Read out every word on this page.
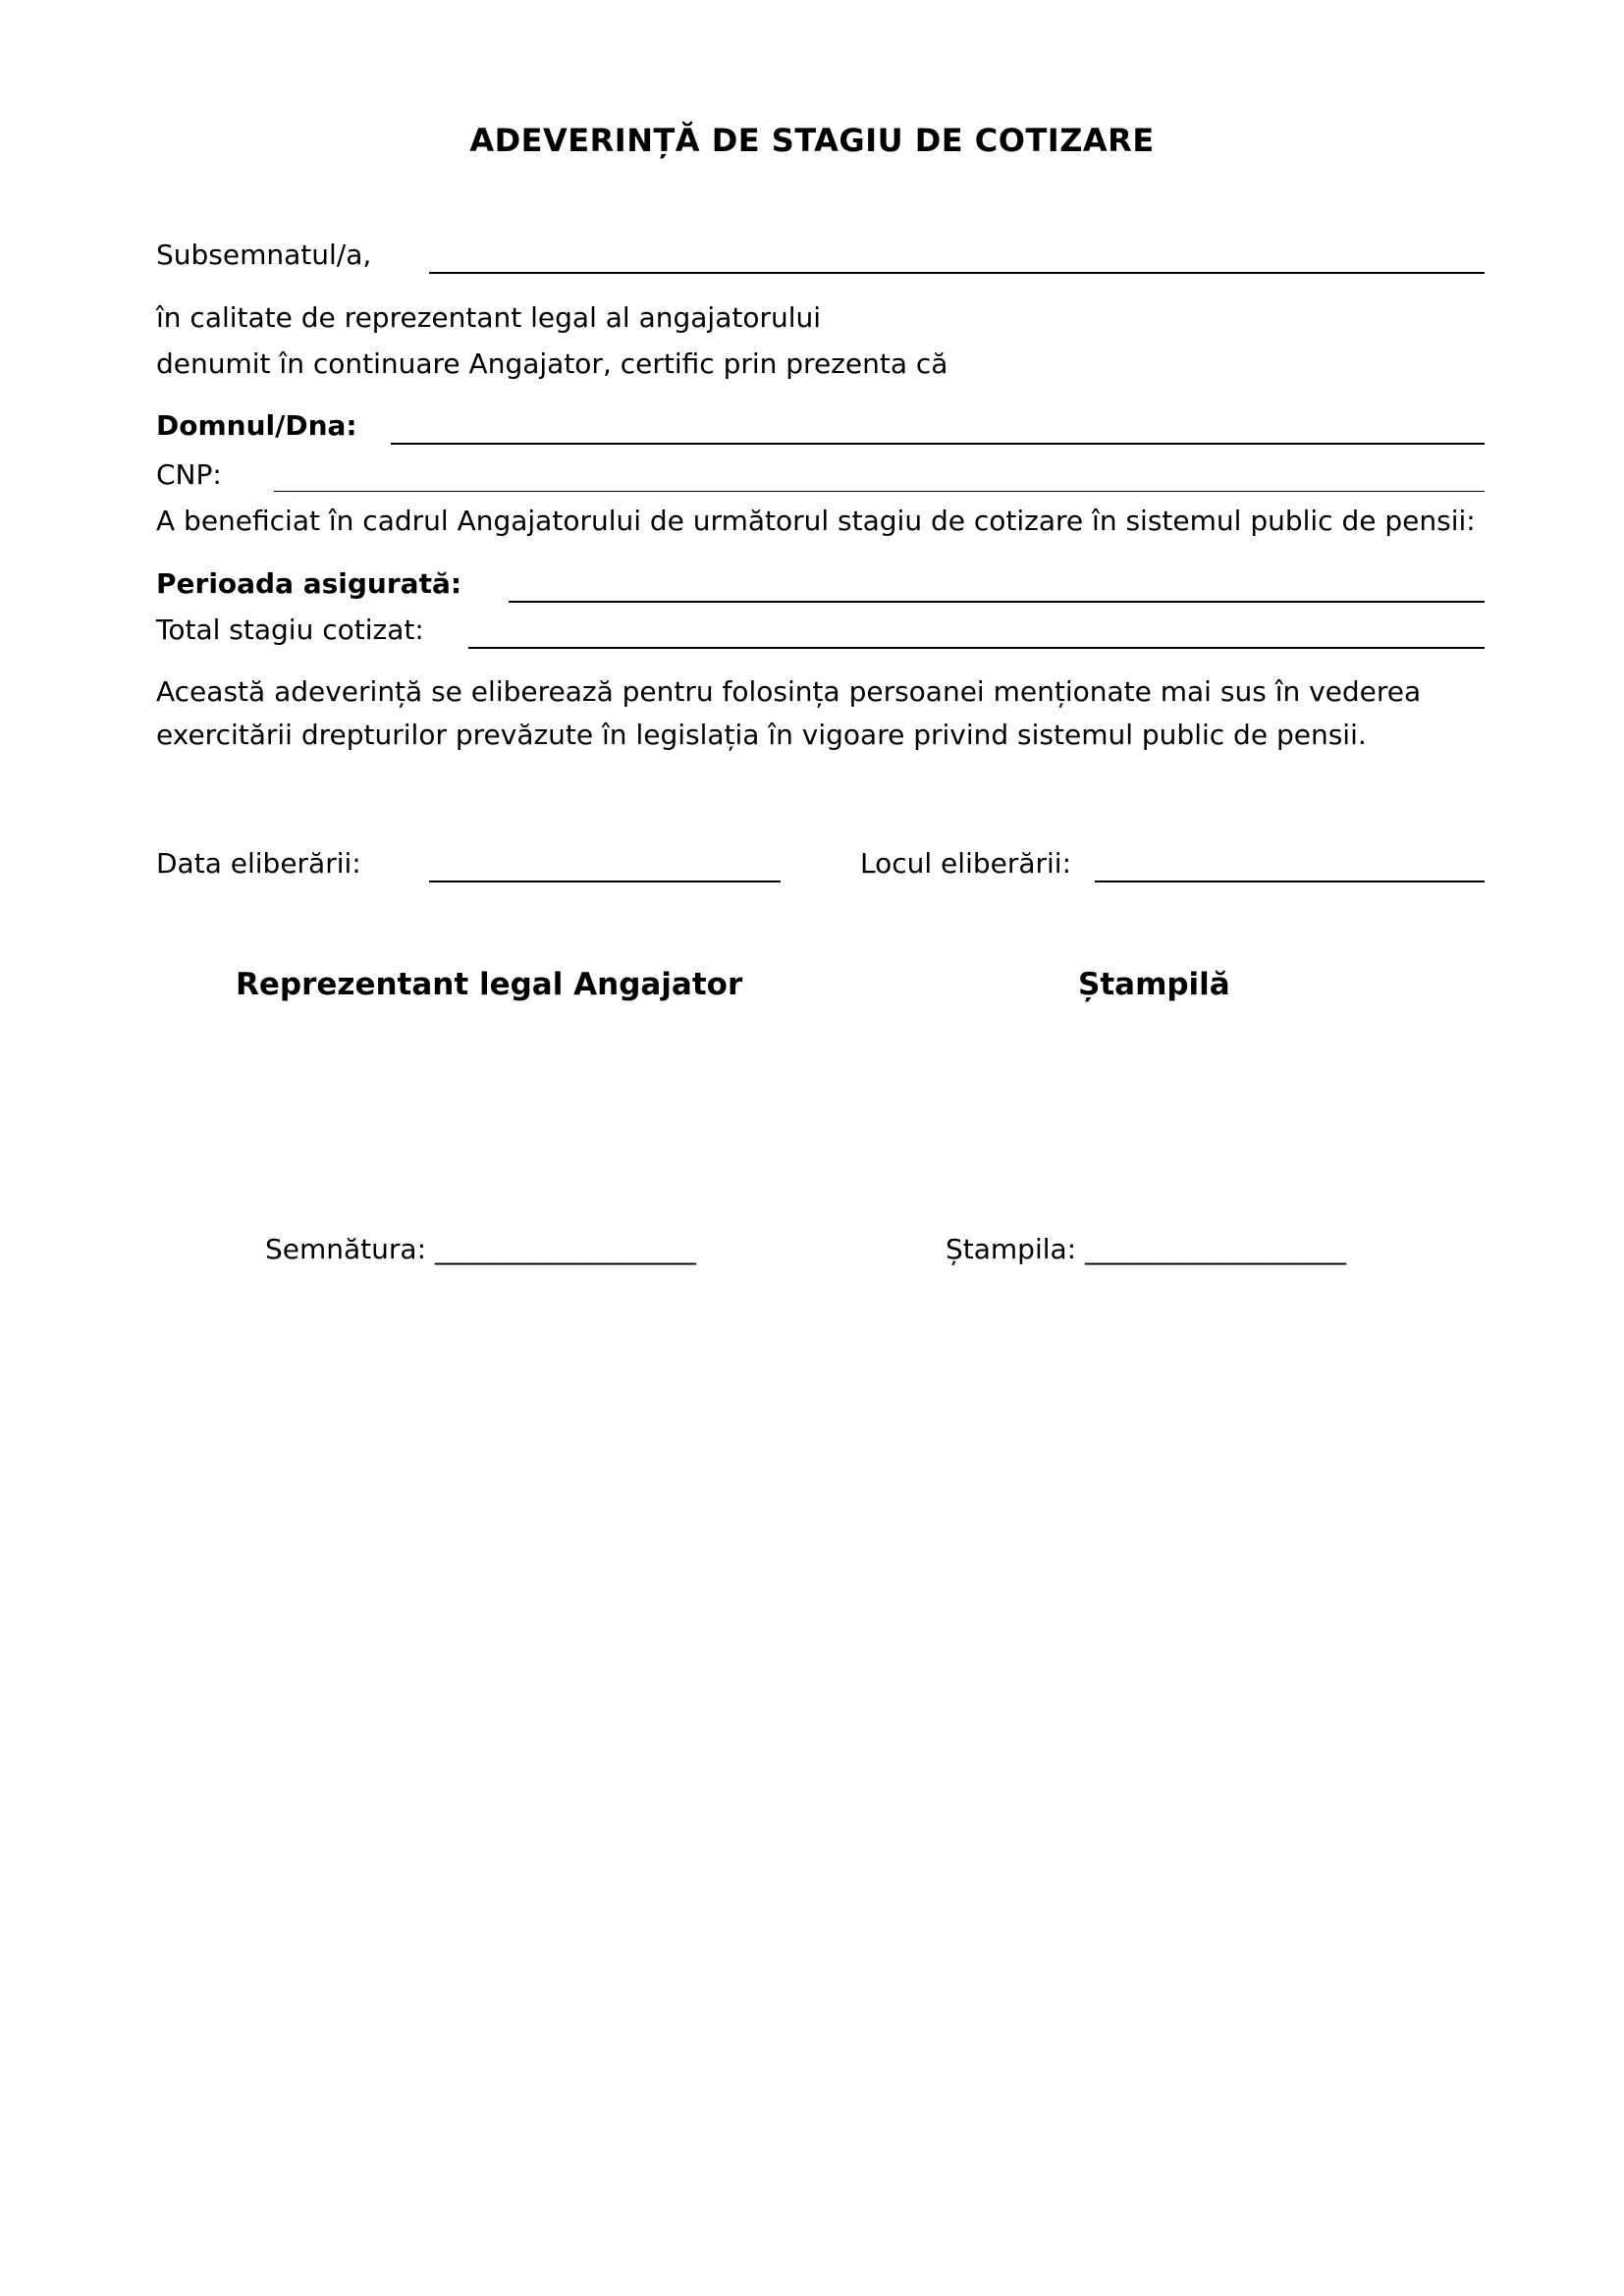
ADEVERINȚĂ DE STAGIU DE COTIZARE
Subsemnatul/a,
în calitate de reprezentant legal al angajatorului
denumit în continuare Angajator, certific prin prezenta că
Domnul/Dna:
CNP:
A beneficiat în cadrul Angajatorului de următorul stagiu de cotizare în sistemul public de pensii:
Perioada asigurată:
Total stagiu cotizat:
Această adeverință se eliberează pentru folosința persoanei menționate mai sus în vederea exercitării drepturilor prevăzute în legislația în vigoare privind sistemul public de pensii.
Data eliberării:	Locul eliberării:
Reprezentant legal Angajator	Ștampilă
Semnătura: ___________________	Ștampila: ___________________
